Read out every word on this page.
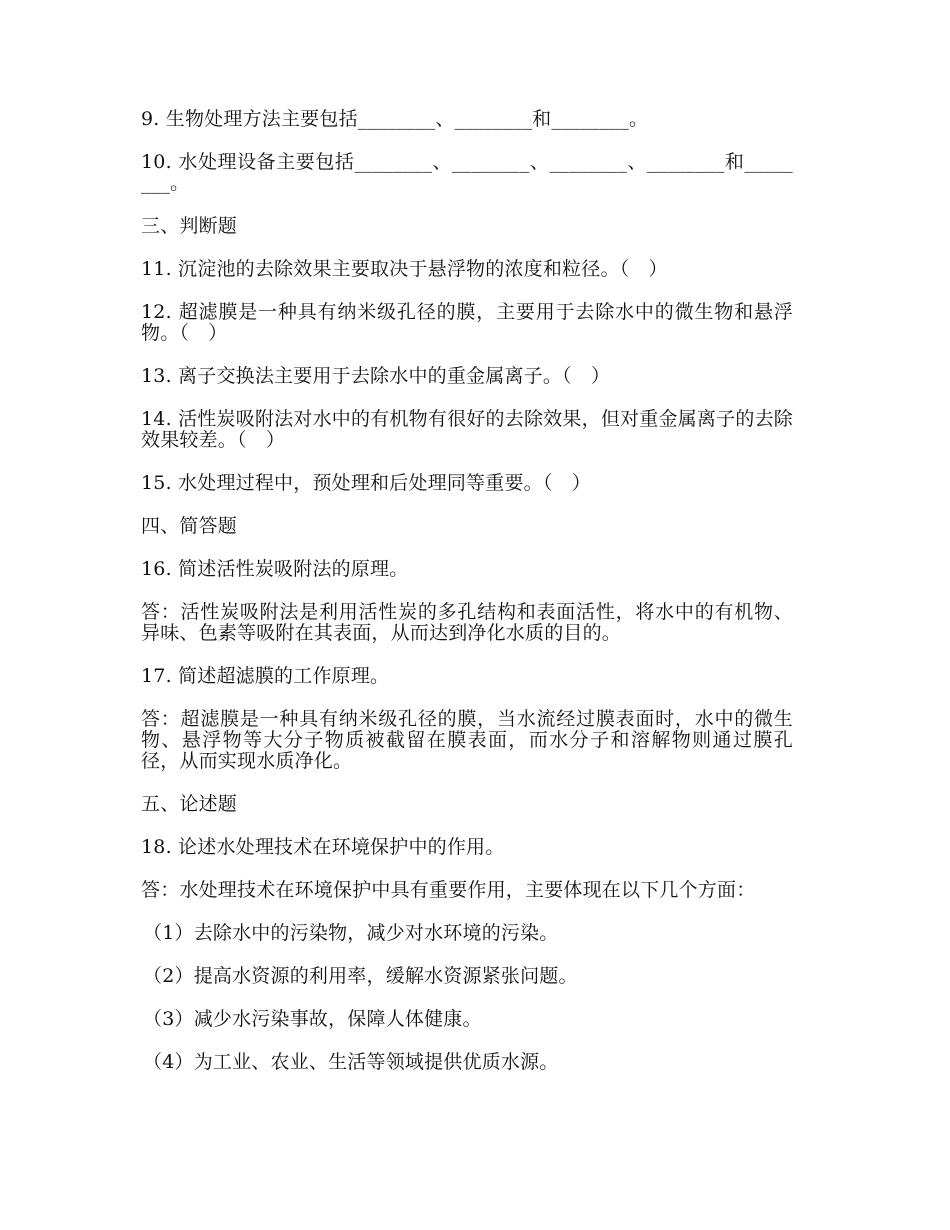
9. 生物处理方法主要包括________、________和________。

10. 水处理设备主要包括________、________、________、________和________。

三、判断题

11. 沉淀池的去除效果主要取决于悬浮物的浓度和粒径。（　）

12. 超滤膜是一种具有纳米级孔径的膜，主要用于去除水中的微生物和悬浮物。（　）

13. 离子交换法主要用于去除水中的重金属离子。（　）

14. 活性炭吸附法对水中的有机物有很好的去除效果，但对重金属离子的去除效果较差。（　）

15. 水处理过程中，预处理和后处理同等重要。（　）

四、简答题

16. 简述活性炭吸附法的原理。

答：活性炭吸附法是利用活性炭的多孔结构和表面活性，将水中的有机物、异味、色素等吸附在其表面，从而达到净化水质的目的。

17. 简述超滤膜的工作原理。

答：超滤膜是一种具有纳米级孔径的膜，当水流经过膜表面时，水中的微生物、悬浮物等大分子物质被截留在膜表面，而水分子和溶解物则通过膜孔径，从而实现水质净化。

五、论述题

18. 论述水处理技术在环境保护中的作用。

答：水处理技术在环境保护中具有重要作用，主要体现在以下几个方面：

（1）去除水中的污染物，减少对水环境的污染。

（2）提高水资源的利用率，缓解水资源紧张问题。

（3）减少水污染事故，保障人体健康。

（4）为工业、农业、生活等领域提供优质水源。
